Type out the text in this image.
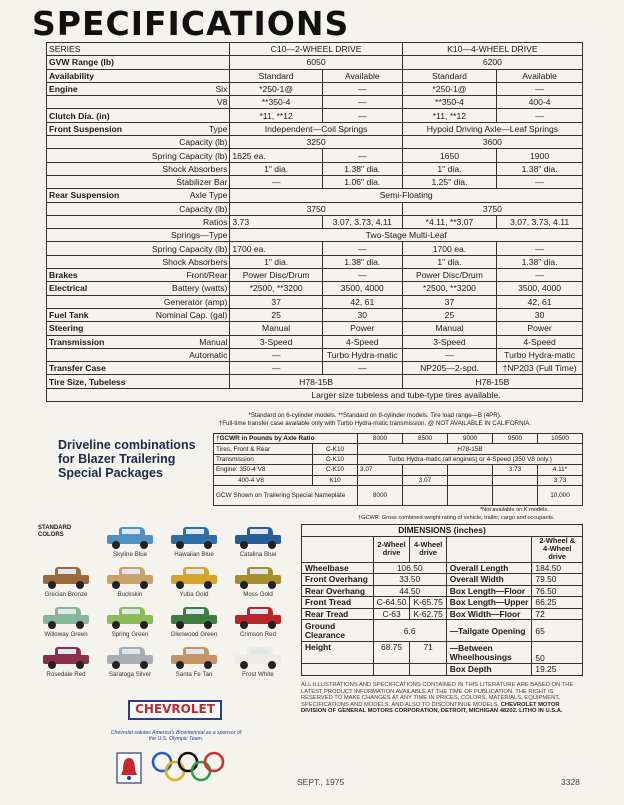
SPECIFICATIONS
SERIES		C10—2-WHEEL DRIVE		K10—4-WHEEL DRIVE	
GVW Range (lb)		6050		6200	
Availability		Standard	Available	Standard	Available
Engine	Six	*250-1@	—	*250-1@	—
	V8	**350-4	—	**350-4	400-4
Clutch Dia. (in)		*11, **12	—	*11, **12	—
Front Suspension	Type	Independent—Coil Springs		Hypoid Driving Axle—Leaf Springs	
	Capacity (lb)	3250		3600	
Spring Capacity (lb)		1625 ea.	—	1650	1900
Shock Absorbers		1" dia.	1.38" dia.	1" dia.	1.38" dia.
Stabilizer Bar		—	1.06" dia.	1.25" dia.	—
Rear Suspension	Axle Type	Semi-Floating			
	Capacity (lb)	3750		3750	
	Ratios	3.73	3.07, 3.73, 4.11	*4.11, **3.07	3.07, 3.73, 4.11
	Springs—Type	Two-Stage Multi-Leaf			
Spring Capacity (lb)		1700 ea.	—	1700 ea.	—
Shock Absorbers		1" dia.	1.38" dia.	1" dia.	1.38" dia.
Brakes	Front/Rear	Power Disc/Drum	—	Power Disc/Drum	—
Electrical	Battery (watts)	*2500, **3200	3500, 4000	*2500, **3200	3500, 4000
	Generator (amp)	37	42, 61	37	42, 61
Fuel Tank	Nominal Cap. (gal)	25	30	25	30
Steering		Manual	Power	Manual	Power
Transmission	Manual	3-Speed	4-Speed	3-Speed	4-Speed
	Automatic	—	Turbo Hydra-matic	—	Turbo Hydra-matic
Transfer Case		—	—	NP205—2-spd.	†NP203 (Full Time)
Tire Size, Tubeless		H78-15B		H78-15B	
		Larger size tubeless and tube-type tires available.			
*Standard on 6-cylinder models. **Standard on 8-cylinder models. Tire load range—B (4PR).
†Full-time transfer case available only with Turbo Hydra-matic transmission. @ NOT AVAILABLE IN CALIFORNIA.
Driveline combinations for Blazer Trailering Special Packages
†GCWR in Pounds by Axle Ratio		8000	8500	9000	9500	10500
Tires, Front & Rear	C-K10	H78-15B				
Transmission	C-K10	Turbo Hydra-matic (all engines) or 4-Speed (350 V8 only.)				
Engine: 350-4 V8	C-K10	3.07			3.73	4.11*
400-4 V8	K10		3.07			3.73
GCW Shown on Trailering Special Nameplate		8000				10,000
*Not available on K models.
†GCWR: Gross combined weight rating of vehicle, trailer, cargo and occupants.
STANDARD COLORS
Skyline Blue	Hawaiian Blue	Catalina Blue
Grecian Bronze	Buckskin	Yuba Gold	Moss Gold
Willoway Green	Spring Green	Glenwood Green	Crimson Red
Rosedale Red	Saratoga Silver	Santa Fe Tan	Frost White
DIMENSIONS (inches)				
	2-Wheel drive	4-Wheel drive		2-Wheel & 4-Wheel drive
Wheelbase	106.50		Overall Length	184.50
Front Overhang	33.50		Overall Width	79.50
Rear Overhang	44.50		Box Length—Floor	76.50
Front Tread	C-64.50	K-65.75	Box Length—Upper	66.25
Rear Tread	C-63	K-62.75	Box Width—Floor	72
Ground Clearance	6.6		—Tailgate Opening	65
Height	68.75	71	—Between Wheelhousings	50
			Box Depth	19.25
ALL ILLUSTRATIONS AND SPECIFICATIONS CONTAINED IN THIS LITERATURE ARE BASED ON THE LATEST PRODUCT INFORMATION AVAILABLE AT THE TIME OF PUBLICATION. THE RIGHT IS RESERVED TO MAKE CHANGES AT ANY TIME IN PRICES, COLORS, MATERIALS, EQUIPMENT, SPECIFICATIONS AND MODELS, AND ALSO TO DISCONTINUE MODELS. CHEVROLET MOTOR DIVISION OF GENERAL MOTORS CORPORATION, DETROIT, MICHIGAN 48202. LITHO IN U.S.A.
CHEVROLET
Chevrolet salutes America's Bicentennial as a sponsor of the U.S. Olympic Team.
SEPT., 1975	3328
